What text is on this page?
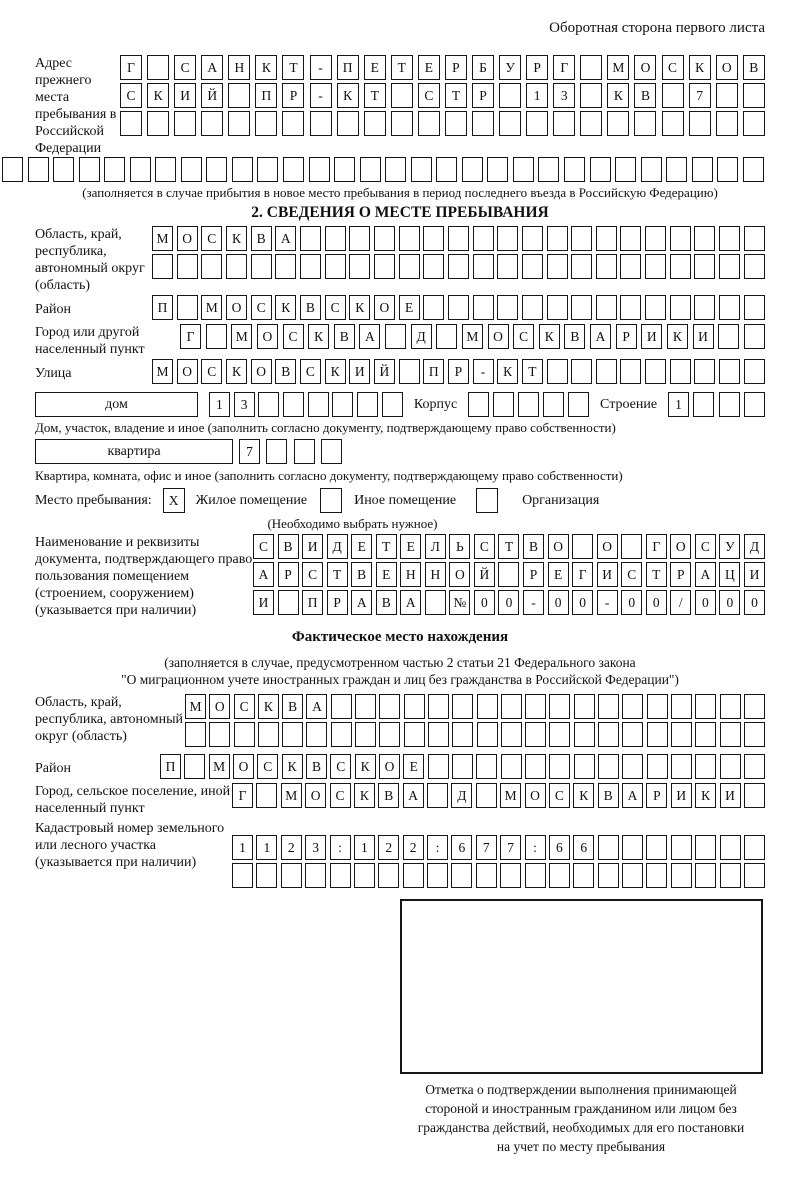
Оборотная сторона первого листа
Адрес прежнего места пребывания в Российской Федерации
Г	С	А	Н	К	Т	-	П	Е	Т	Е	Р	Б	У	Р	Г	М	О	С	К	О	В
С	К	И	Й	П	Р	-	К	Т	С	Т	Р	1	3	К	В	7
(заполняется в случае прибытия в новое место пребывания в период последнего въезда в Российскую Федерацию)
2. СВЕДЕНИЯ О МЕСТЕ ПРЕБЫВАНИЯ
Область, край, республика, автономный округ (область)
М	О	С	К	В	А
Район	П	М	О	С	К	В	С	К	О	Е
Город или другой населенный пункт
Г	М	О	С	К	В	А	Д	М	О	С	К	В	А	Р	И	К	И
Улица	М	О	С	К	О	В	С	К	И	Й	П	Р	-	К	Т
дом	1	3	Корпус	Строение	1
Дом, участок, владение и иное (заполнить согласно документу, подтверждающему право собственности)
квартира	7
Квартира, комната, офис и иное (заполнить согласно документу, подтверждающему право собственности)
Место пребывания:	X	Жилое помещение	Иное помещение	Организация
(Необходимо выбрать нужное)
Наименование и реквизиты документа, подтверждающего право пользования помещением (строением, сооружением) (указывается при наличии)
С	В	И	Д	Е	Т	Е	Л	Ь	С	Т	В	О	О	Г	О	С	У	Д
А	Р	С	Т	В	Е	Н	Н	О	Й	Р	Е	Г	И	С	Т	Р	А	Ц	И
И	П	Р	А	В	А	№	0	0	-	0	0	-	0	0	/	0	0	0
Фактическое место нахождения
(заполняется в случае, предусмотренном частью 2 статьи 21 Федерального закона
"О миграционном учете иностранных граждан и лиц без гражданства в Российской Федерации")
Область, край, республика, автономный округ (область)
М О	С	К	В	А
Район	П	М О	С	К	В	С	К	О	Е
Город, сельское поселение, иной населенный пункт
Г	М	О	С	К	В	А	Д	М	О	С	К	В	А	Р	И	К	И
Кадастровый номер земельного или лесного участка (указывается при наличии)
1	1	2	3	:	1	2	2	:	6	7	7	:	6	6
Отметка о подтверждении выполнения принимающей
стороной и иностранным гражданином или лицом без
гражданства действий, необходимых для его постановки
на учет по месту пребывания
